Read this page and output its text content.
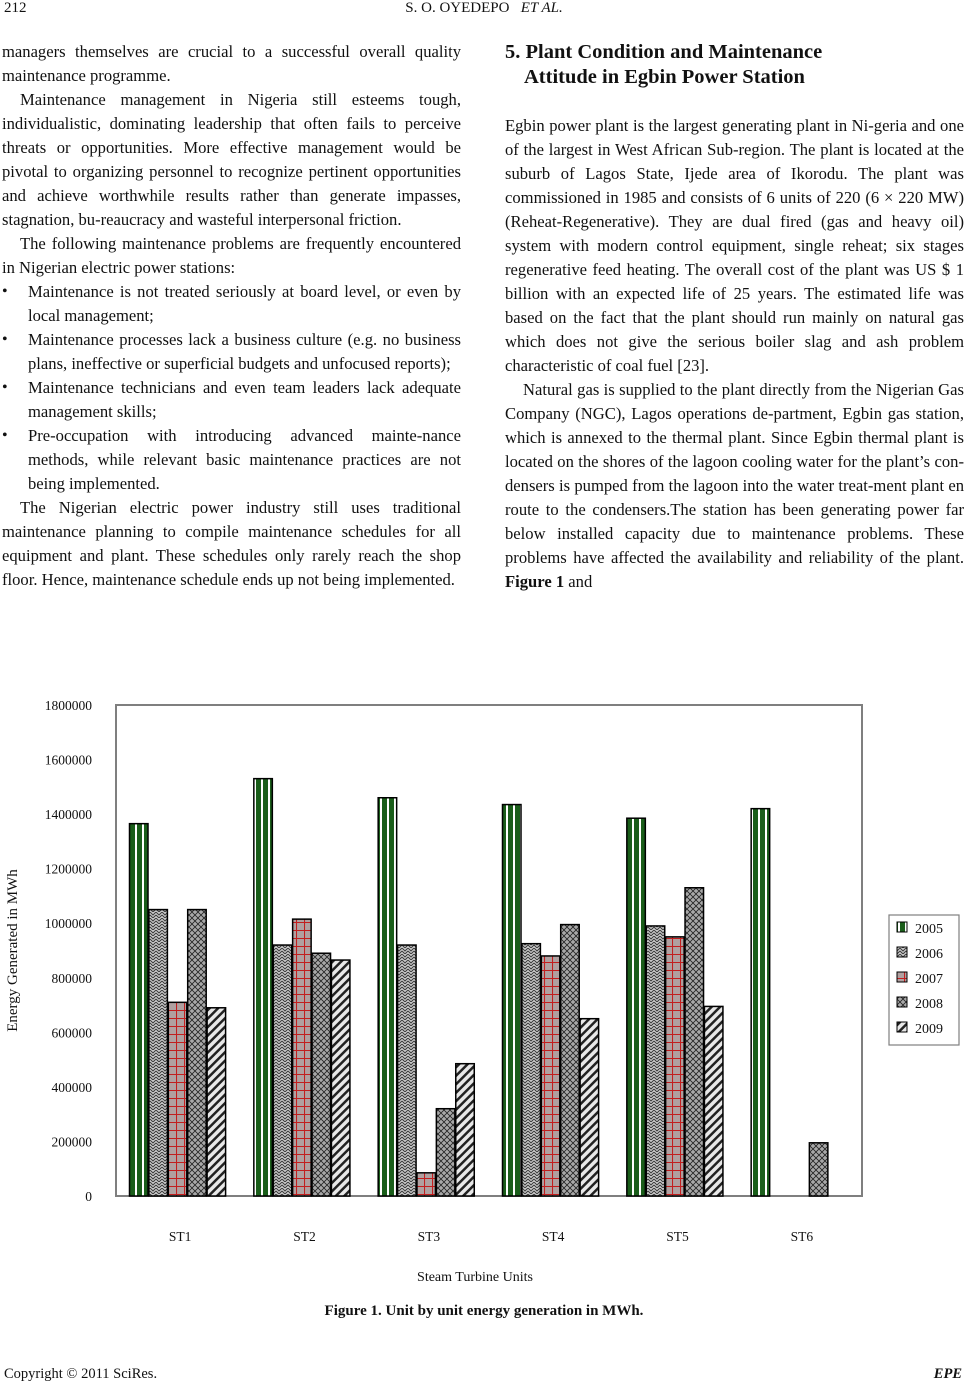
212	S. O. OYEDEPO ET AL.

managers themselves are crucial to a successful overall quality maintenance programme.

Maintenance management in Nigeria still esteems tough, individualistic, dominating leadership that often fails to perceive threats or opportunities. More effective management would be pivotal to organizing personnel to recognize pertinent opportunities and achieve worthwhile results rather than generate impasses, stagnation, bu-reaucracy and wasteful interpersonal friction.

The following maintenance problems are frequently encountered in Nigerian electric power stations:

• Maintenance is not treated seriously at board level, or even by local management;
• Maintenance processes lack a business culture (e.g. no business plans, ineffective or superficial budgets and unfocused reports);
• Maintenance technicians and even team leaders lack adequate management skills;
• Pre-occupation with introducing advanced mainte-nance methods, while relevant basic maintenance practices are not being implemented.

The Nigerian electric power industry still uses traditional maintenance planning to compile maintenance schedules for all equipment and plant. These schedules only rarely reach the shop floor. Hence, maintenance schedule ends up not being implemented.

5. Plant Condition and Maintenance
Attitude in Egbin Power Station

Egbin power plant is the largest generating plant in Ni-geria and one of the largest in West African Sub-region. The plant is located at the suburb of Lagos State, Ijede area of Ikorodu. The plant was commissioned in 1985 and consists of 6 units of 220 (6 × 220 MW) (Reheat-Regenerative). They are dual fired (gas and heavy oil) system with modern control equipment, single reheat; six stages regenerative feed heating. The overall cost of the plant was US $ 1 billion with an expected life of 25 years. The estimated life was based on the fact that the plant should run mainly on natural gas which does not give the serious boiler slag and ash problem characteristic of coal fuel [23].

Natural gas is supplied to the plant directly from the Nigerian Gas Company (NGC), Lagos operations de-partment, Egbin gas station, which is annexed to the thermal plant. Since Egbin thermal plant is located on the shores of the lagoon cooling water for the plant’s con-densers is pumped from the lagoon into the water treat-ment plant en route to the condensers.The station has been generating power far below installed capacity due to maintenance problems. These problems have affected the availability and reliability of the plant. Figure 1 and

0
200000
400000
600000
800000
1000000
1200000
1400000
1600000
1800000
ST1	ST2	ST3	ST4	ST5	ST6
Steam Turbine Units
Energy Generated in MWh	2005
2006
2007
2008
2009
Figure 1. Unit by unit energy generation in MWh.
Copyright © 2011 SciRes.	EPE
